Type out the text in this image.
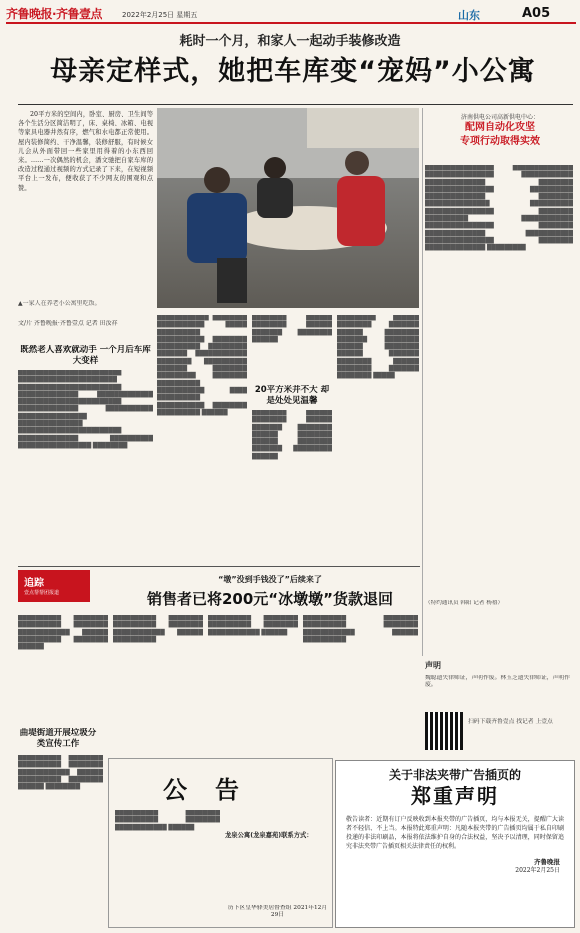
齐鲁晚报·齐鲁壹点	2022年2月25日 星期五	山东	A05
耗时一个月，和家人一起动手装修改造
母亲定样式，她把车库变“宠妈”小公寓
20平方米的空间内，卧室、厨房、卫生间等各个生活分区简洁明了，床、桌椅、冰箱、电视等家具电器井然有序，燃气和水电都正常使用。屋内装修简约、干净温馨，装修舒服，有时候女儿会从外面带回一些家里用得着的小东西回来。……一次偶然的机会，潘文驰把自家车库的改造过程通过视频的方式记录了下来，在短视频平台上一发布，便收获了不少网友的围观和点赞。
▲一家人在养老小公寓里吃饭。
文/片 齐鲁晚报·齐鲁壹点 记者 田汝祥
既然老人喜欢就动手 一个月后车库大变样
████████████████████████ ███████████████████████ ████████████████████████ ██████████████ █████████████ ████████████████████████ ██████████████ ███████████ ████████████████ ███████████████ ████████████████████████ ██████████████ ██████████ █████████████████ ████████
████████████ ████████ ███████████ █████ ██████████ ███████████ ████████ ██████████ █████████ ███████ ████████████ ████████ ██████████ ███████ ████████ █████████ ████████ ██████████ ███████████ ████ ██████████ ███████████ ████████ ██████████ ██████
████████ ██████ ████████ ██████ ███████ ████████ ██████
20平方米并不大 却是处处见温馨
████████ ██████ ████████ ██████ ███████ ████████ ██████ ████████ ██████ ████████ ███████ █████████ ██████
█████████ ██████ ████████ ███████ ██████ ████████ ███████ ████████ ██████ ████████ ██████ ███████ ████████ ██████ ████████ ███████ ████████ █████
济南供电公司高新供电中心：
配网自动化攻坚
专项行动取得实效
████████████████ ██████████████ ████████████████ ████████████ ██████████████ ████████ ████████████████ ██████████ ██████████████ ████████ ███████████████ ██████████ ████████████████ ████████ ██████████ ████████████ ████████████████ ████████ ██████████████ ███████████ ████████████████ ████████ ██████████████ █████████
（特约通讯员 韩阳 记者 杨禧）
追踪
壹点帮帮团报道
“墩”没到手钱没了”后续来了
销售者已将200元“冰墩墩”货款退回
██████████ ████████ ██████████ ████████ ████████████ ██████ ██████████ ████████ ██████
██████████ ████████ ██████████ ████████ ████████████ ██████ ██████████
██████████ ████████ ██████████ ████████ ████████████ ██████
██████████ ████████ ██████████ ████████ ████████████ ██████ ██████████
曲堤街道开展垃圾分类宣传工作
██████████ ████████ ██████████ ████████ ████████████ ██████ ██████████ ████████ ██████ ████████	公告
██████████ ████████ ██████████ ████████ ████████████ ██████
龙泉公寓(龙泉嘉苑)联系方式：
历下区皇华驿美居督查组 2021年12月29日
声明
魏聪遗失律师证，声明作废。林玉芝遗失律师证，声明作废。
扫码下载齐鲁壹点 找记者 上壹点
关于非法夹带广告插页的
郑重声明
敬告读者：近期有订户反映收到本报夹带的广告插页，均与本报无关，提醒广大读者不轻信、不上当。本报特此郑重声明：凡随本报夹带的广告插页均属于私自印刷投递的非法印刷品，本报将依法维护自身的合法权益，坚决予以清理，同时保留追究非法夹带广告插页相关法律责任的权利。
齐鲁晚报
2022年2月25日
